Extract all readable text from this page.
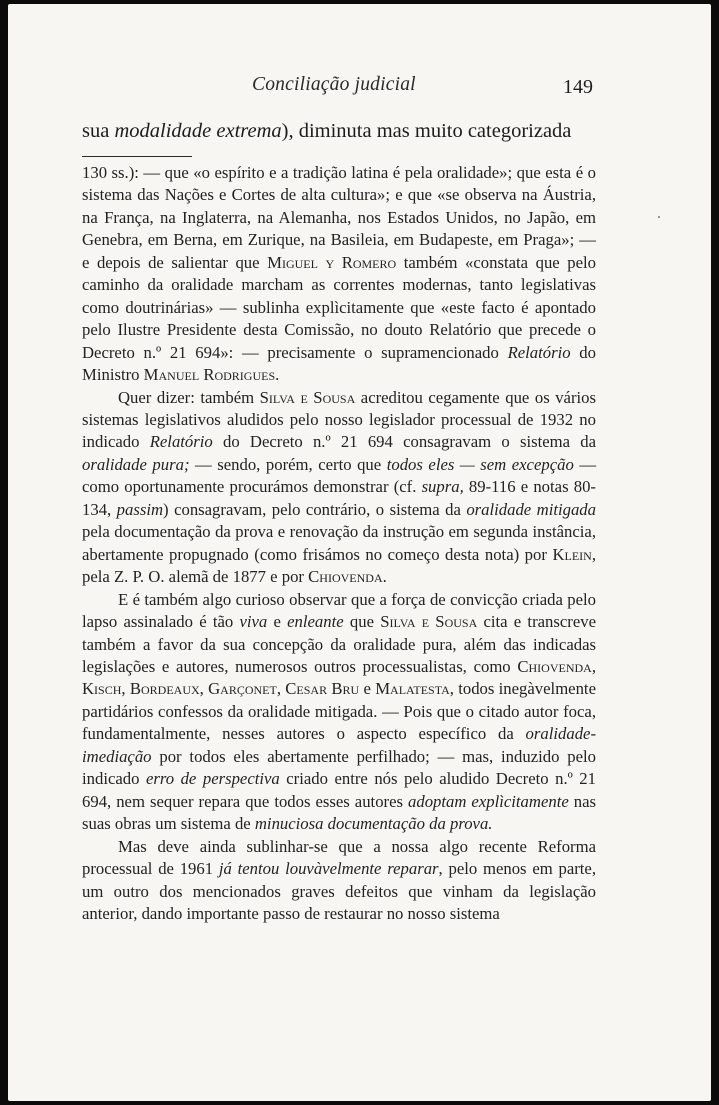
Conciliação judicial	149
sua modalidade extrema), diminuta mas muito categorizada

130 ss.): — que «o espírito e a tradição latina é pela oralidade»; que esta é o sistema das Nações e Cortes de alta cultura»; e que «se observa na Áustria, na França, na Inglaterra, na Alemanha, nos Estados Unidos, no Japão, em Genebra, em Berna, em Zurique, na Basileia, em Budapeste, em Praga»; — e depois de salientar que Miguel y Romero também «constata que pelo caminho da oralidade marcham as correntes modernas, tanto legislativas como doutrinárias» — sublinha explìcitamente que «este facto é apontado pelo Ilustre Presidente desta Comissão, no douto Relatório que precede o Decreto n.º 21 694»: — precisamente o supramencionado Relatório do Ministro Manuel Rodrigues.

Quer dizer: também Silva e Sousa acreditou cegamente que os vários sistemas legislativos aludidos pelo nosso legislador processual de 1932 no indicado Relatório do Decreto n.º 21 694 consagravam o sistema da oralidade pura; — sendo, porém, certo que todos eles — sem excepção — como oportunamente procurámos demonstrar (cf. supra, 89-116 e notas 80-134, passim) consagravam, pelo contrário, o sistema da oralidade mitigada pela documentação da prova e renovação da instrução em segunda instância, abertamente propugnado (como frisámos no começo desta nota) por Klein, pela Z. P. O. alemã de 1877 e por Chiovenda.

E é também algo curioso observar que a força de convicção criada pelo lapso assinalado é tão viva e enleante que Silva e Sousa cita e transcreve também a favor da sua concepção da oralidade pura, além das indicadas legislações e autores, numerosos outros processualistas, como Chiovenda, Kisch, Bordeaux, Garçonet, Cesar Bru e Malatesta, todos inegàvelmente partidários confessos da oralidade mitigada. — Pois que o citado autor foca, fundamentalmente, nesses autores o aspecto específico da oralidade-imediação por todos eles abertamente perfilhado; — mas, induzido pelo indicado erro de perspectiva criado entre nós pelo aludido Decreto n.º 21 694, nem sequer repara que todos esses autores adoptam explìcitamente nas suas obras um sistema de minuciosa documentação da prova.

Mas deve ainda sublinhar-se que a nossa algo recente Reforma processual de 1961 já tentou louvàvelmente reparar, pelo menos em parte, um outro dos mencionados graves defeitos que vinham da legislação anterior, dando importante passo de restaurar no nosso sistema
